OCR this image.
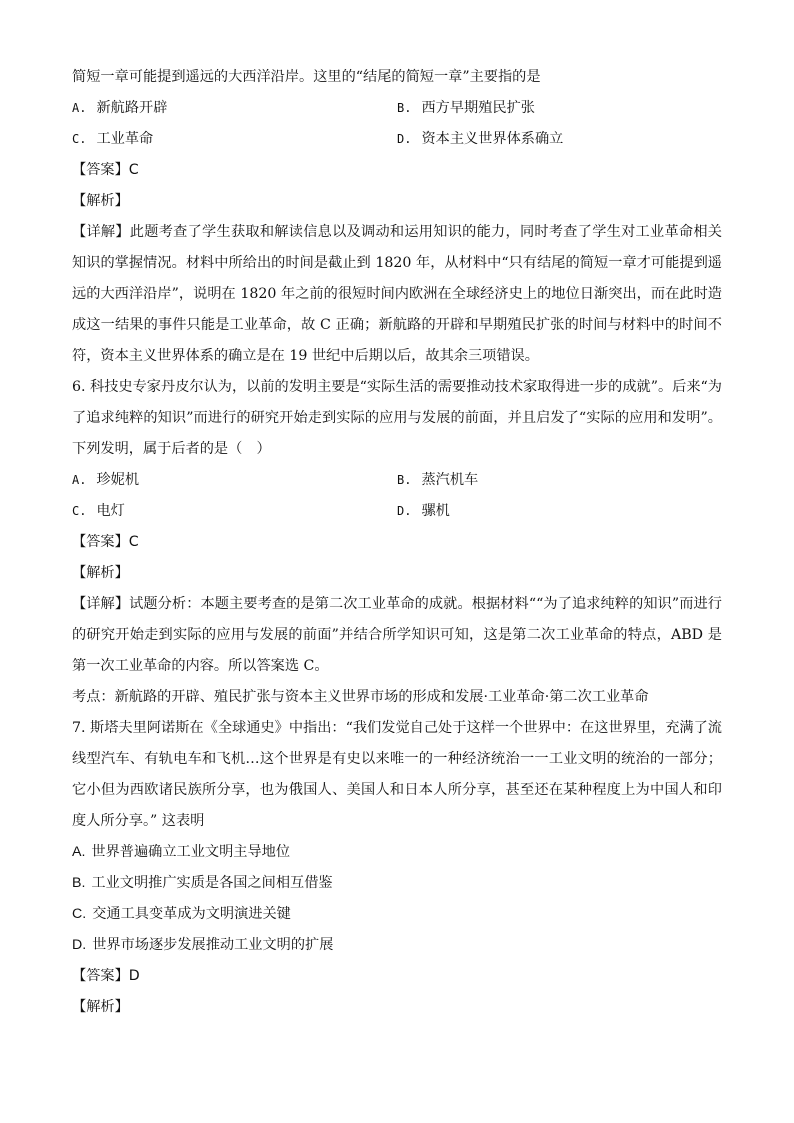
简短一章可能提到遥远的大西洋沿岸。这里的“结尾的简短一章”主要指的是
A. 新航路开辟	B. 西方早期殖民扩张
C. 工业革命	D. 资本主义世界体系确立
【答案】C
【解析】
【详解】此题考查了学生获取和解读信息以及调动和运用知识的能力，同时考查了学生对工业革命相关知识的掌握情况。材料中所给出的时间是截止到 1820 年，从材料中“只有结尾的简短一章才可能提到遥远的大西洋沿岸”，说明在 1820 年之前的很短时间内欧洲在全球经济史上的地位日渐突出，而在此时造成这一结果的事件只能是工业革命，故 C 正确；新航路的开辟和早期殖民扩张的时间与材料中的时间不符，资本主义世界体系的确立是在 19 世纪中后期以后，故其余三项错误。
6. 科技史专家丹皮尔认为，以前的发明主要是“实际生活的需要推动技术家取得进一步的成就”。后来“为了追求纯粹的知识”而进行的研究开始走到实际的应用与发展的前面，并且启发了“实际的应用和发明”。下列发明，属于后者的是（　）
A. 珍妮机	B. 蒸汽机车
C. 电灯	D. 骡机
【答案】C
【解析】
【详解】试题分析：本题主要考查的是第二次工业革命的成就。根据材料““为了追求纯粹的知识”而进行的研究开始走到实际的应用与发展的前面”并结合所学知识可知，这是第二次工业革命的特点，ABD 是第一次工业革命的内容。所以答案选 C。
考点：新航路的开辟、殖民扩张与资本主义世界市场的形成和发展·工业革命·第二次工业革命
7. 斯塔夫里阿诺斯在《全球通史》中指出：“我们发觉自己处于这样一个世界中：在这世界里，充满了流线型汽车、有轨电车和飞机…这个世界是有史以来唯一的一种经济统治一一工业文明的统治的一部分；它小但为西欧诸民族所分享，也为俄国人、美国人和日本人所分享，甚至还在某种程度上为中国人和印度人所分享。” 这表明
A. 世界普遍确立工业文明主导地位
B. 工业文明推广实质是各国之间相互借鉴
C. 交通工具变革成为文明演进关键
D. 世界市场逐步发展推动工业文明的扩展
【答案】D
【解析】
